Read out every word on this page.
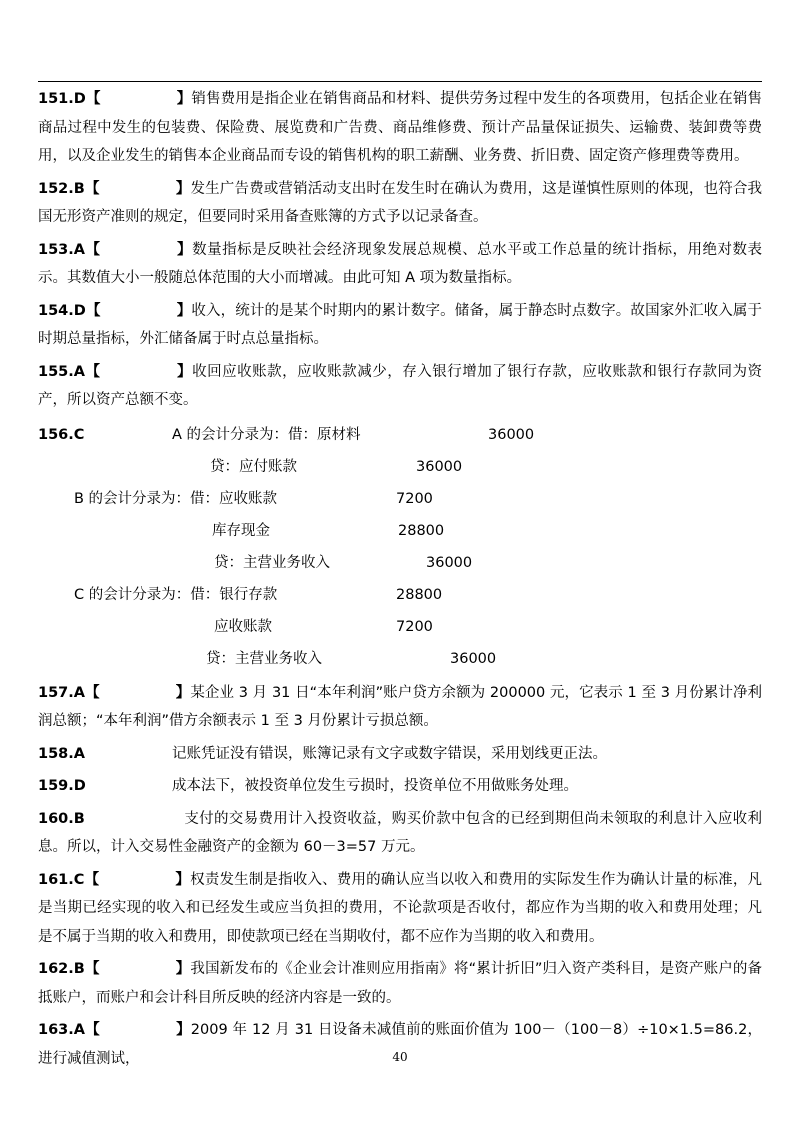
151.D【	】销售费用是指企业在销售商品和材料、提供劳务过程中发生的各项费用，包括企业在销售商品过程中发生的包装费、保险费、展览费和广告费、商品维修费、预计产品量保证损失、运输费、装卸费等费用，以及企业发生的销售本企业商品而专设的销售机构的职工薪酬、业务费、折旧费、固定资产修理费等费用。
152.B【	】发生广告费或营销活动支出时在发生时在确认为费用，这是谨慎性原则的体现，也符合我国无形资产准则的规定，但要同时采用备查账簿的方式予以记录备查。
153.A【	】数量指标是反映社会经济现象发展总规模、总水平或工作总量的统计指标，用绝对数表示。其数值大小一般随总体范围的大小而增减。由此可知 A 项为数量指标。
154.D【	】收入，统计的是某个时期内的累计数字。储备，属于静态时点数字。故国家外汇收入属于时期总量指标，外汇储备属于时点总量指标。
155.A【	】收回应收账款，应收账款减少，存入银行增加了银行存款，应收账款和银行存款同为资产，所以资产总额不变。
156.C	A 的会计分录为：借：原材料	36000
贷：应付账款	36000
B 的会计分录为：借：应收账款	7200
库存现金	28800
贷：主营业务收入	36000
C 的会计分录为：借：银行存款	28800
应收账款	7200
贷：主营业务收入	36000
157.A【	】某企业 3 月 31 日“本年利润”账户贷方余额为 200000 元，它表示 1 至 3 月份累计净利润总额；“本年利润”借方余额表示 1 至 3 月份累计亏损总额。
158.A	记账凭证没有错误，账簿记录有文字或数字错误，采用划线更正法。
159.D	成本法下，被投资单位发生亏损时，投资单位不用做账务处理。
160.B	支付的交易费用计入投资收益，购买价款中包含的已经到期但尚未领取的利息计入应收利息。所以，计入交易性金融资产的金额为 60－3=57 万元。
161.C【	】权责发生制是指收入、费用的确认应当以收入和费用的实际发生作为确认计量的标准，凡是当期已经实现的收入和已经发生或应当负担的费用，不论款项是否收付，都应作为当期的收入和费用处理；凡是不属于当期的收入和费用，即使款项已经在当期收付，都不应作为当期的收入和费用。
162.B【	】我国新发布的《企业会计准则应用指南》将“累计折旧”归入资产类科目，是资产账户的备抵账户，而账户和会计科目所反映的经济内容是一致的。
163.A【	】2009 年 12 月 31 日设备未减值前的账面价值为 100－（100－8）÷10×1.5=86.2，进行减值测试，	40
